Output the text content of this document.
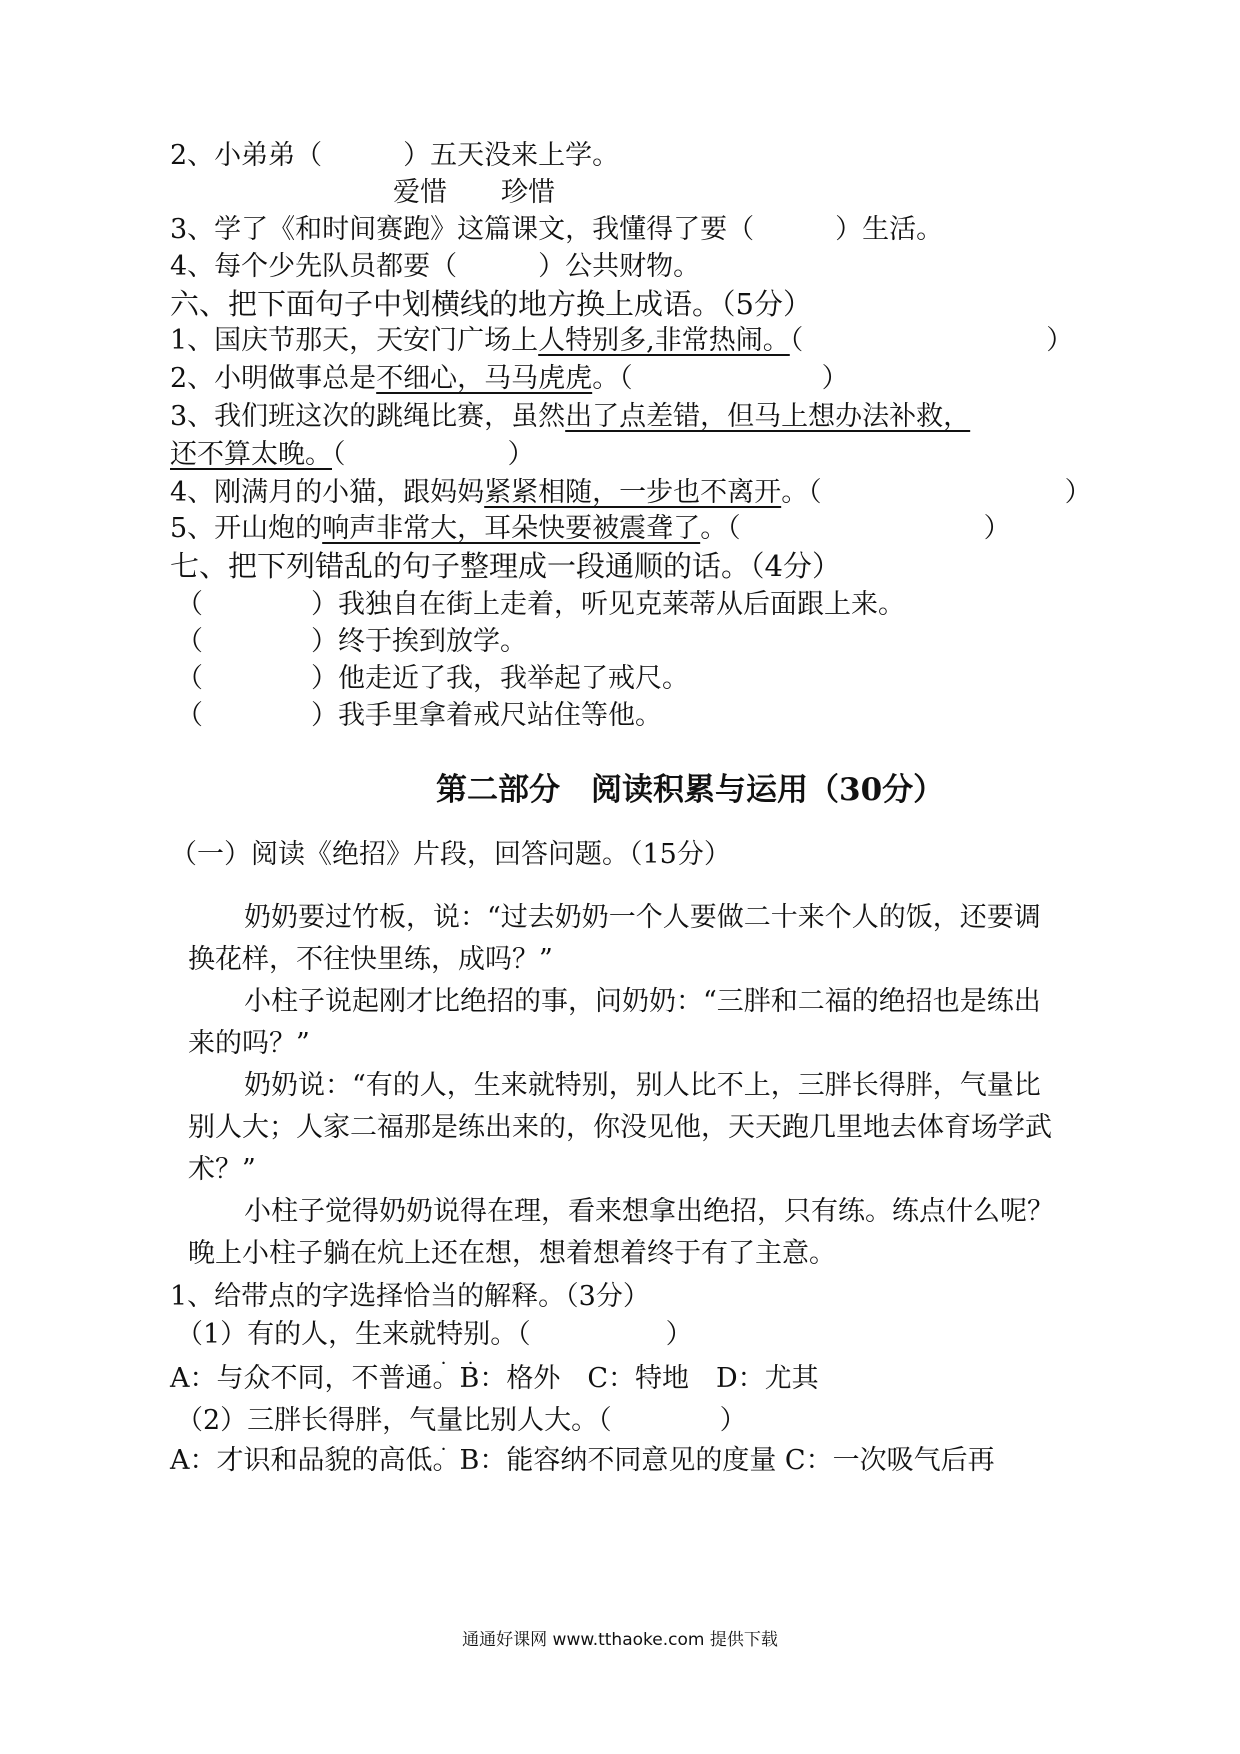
2、小弟弟（　　　）五天没来上学。
爱惜　　珍惜
3、学了《和时间赛跑》这篇课文，我懂得了要（　　　）生活。
4、每个少先队员都要（　　　）公共财物。
六、把下面句子中划横线的地方换上成语。（5分）
1、国庆节那天，天安门广场上人特别多,非常热闹。（　　　　　　　　　）
2、小明做事总是不细心，马马虎虎。（　　　　　　　）
3、我们班这次的跳绳比赛，虽然出了点差错，但马上想办法补救，
还不算太晚。（　　　　　　）
4、刚满月的小猫，跟妈妈紧紧相随，一步也不离开。（　　　　　　　　　）
5、开山炮的响声非常大，耳朵快要被震聋了。（　　　　　　　　　）
七、把下列错乱的句子整理成一段通顺的话。（4分）
（　　　　）我独自在街上走着，听见克莱蒂从后面跟上来。
（　　　　）终于挨到放学。
（　　　　）他走近了我，我举起了戒尺。
（　　　　）我手里拿着戒尺站住等他。
第二部分　阅读积累与运用（30分）
（一）阅读《绝招》片段，回答问题。（15分）
奶奶要过竹板，说：“过去奶奶一个人要做二十来个人的饭，还要调换花样，不往快里练，成吗？”
小柱子说起刚才比绝招的事，问奶奶：“三胖和二福的绝招也是练出来的吗？”
奶奶说：“有的人，生来就特别，别人比不上，三胖长得胖，气量比别人大；人家二福那是练出来的，你没见他，天天跑几里地去体育场学武术？”
小柱子觉得奶奶说得在理，看来想拿出绝招，只有练。练点什么呢？晚上小柱子躺在炕上还在想，想着想着终于有了主意。
1、给带点的字选择恰当的解释。（3分）
（1）有的人，生来就特 ．别 ．。（　　　　　）
A：与众不同，不普通。B：格外　C：特地　D：尤其
（2）三胖长得胖，气 ．量 ．比别人大。（　　　　）
A：才识和品貌的高低。B：能容纳不同意见的度量 C：一次吸气后再
通通好课网 www.tthaoke.com 提供下载
